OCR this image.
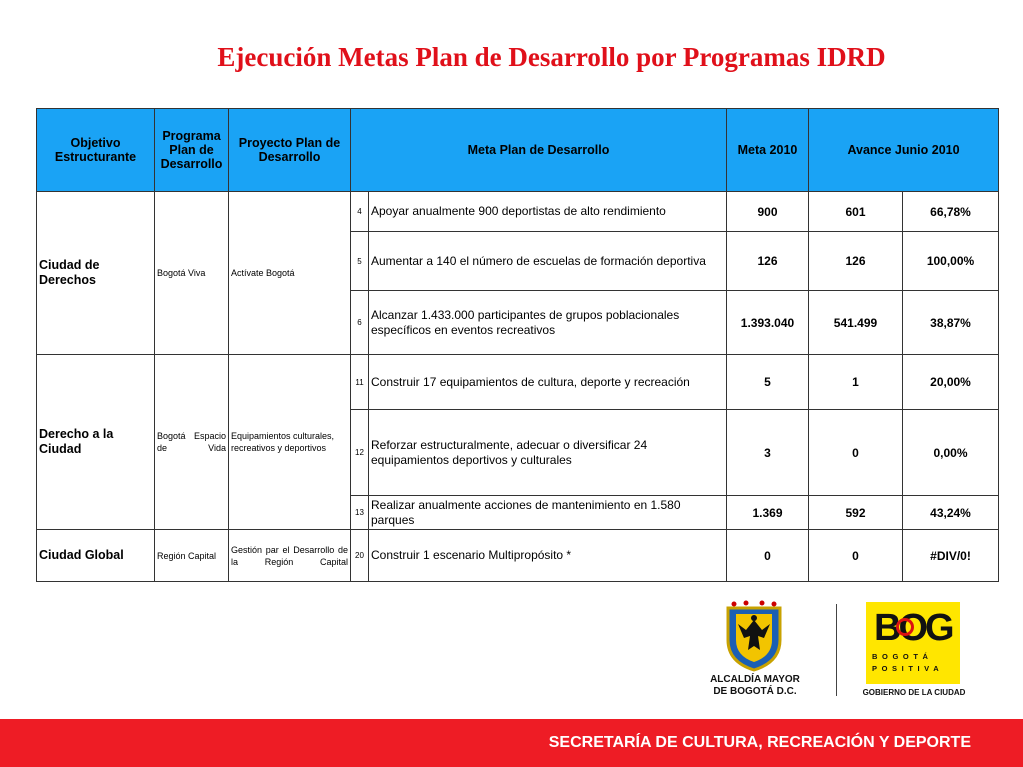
Ejecución Metas Plan de Desarrollo por Programas IDRD
Objetivo Estructurante	Programa Plan de Desarrollo	Proyecto Plan de Desarrollo	Meta Plan de Desarrollo		Meta 2010	Avance Junio 2010	
Ciudad de Derechos	Bogotá Viva	Actívate Bogotá	4	Apoyar anualmente 900 deportistas de alto rendimiento	900	601	66,78%
			5	Aumentar a 140 el número de escuelas de formación deportiva	126	126	100,00%
			6	Alcanzar 1.433.000 participantes de grupos poblacionales específicos en eventos recreativos	1.393.040	541.499	38,87%
Derecho a la Ciudad	Bogotá Espacio de Vida	Equipamientos culturales, recreativos y deportivos	11	Construir 17 equipamientos de cultura, deporte y recreación	5	1	20,00%
			12	Reforzar estructuralmente, adecuar o diversificar 24 equipamientos deportivos y culturales	3	0	0,00%
			13	Realizar anualmente acciones de mantenimiento en 1.580 parques	1.369	592	43,24%
Ciudad Global	Región Capital	Gestión par el Desarrollo de la Región Capital	20	Construir 1 escenario Multipropósito *	0	0	#DIV/0!
ALCALDÍA MAYOR
DE BOGOTÁ D.C.
BOG
BOGOTÁ
POSITIVA
GOBIERNO DE LA CIUDAD
SECRETARÍA DE CULTURA, RECREACIÓN Y DEPORTE
